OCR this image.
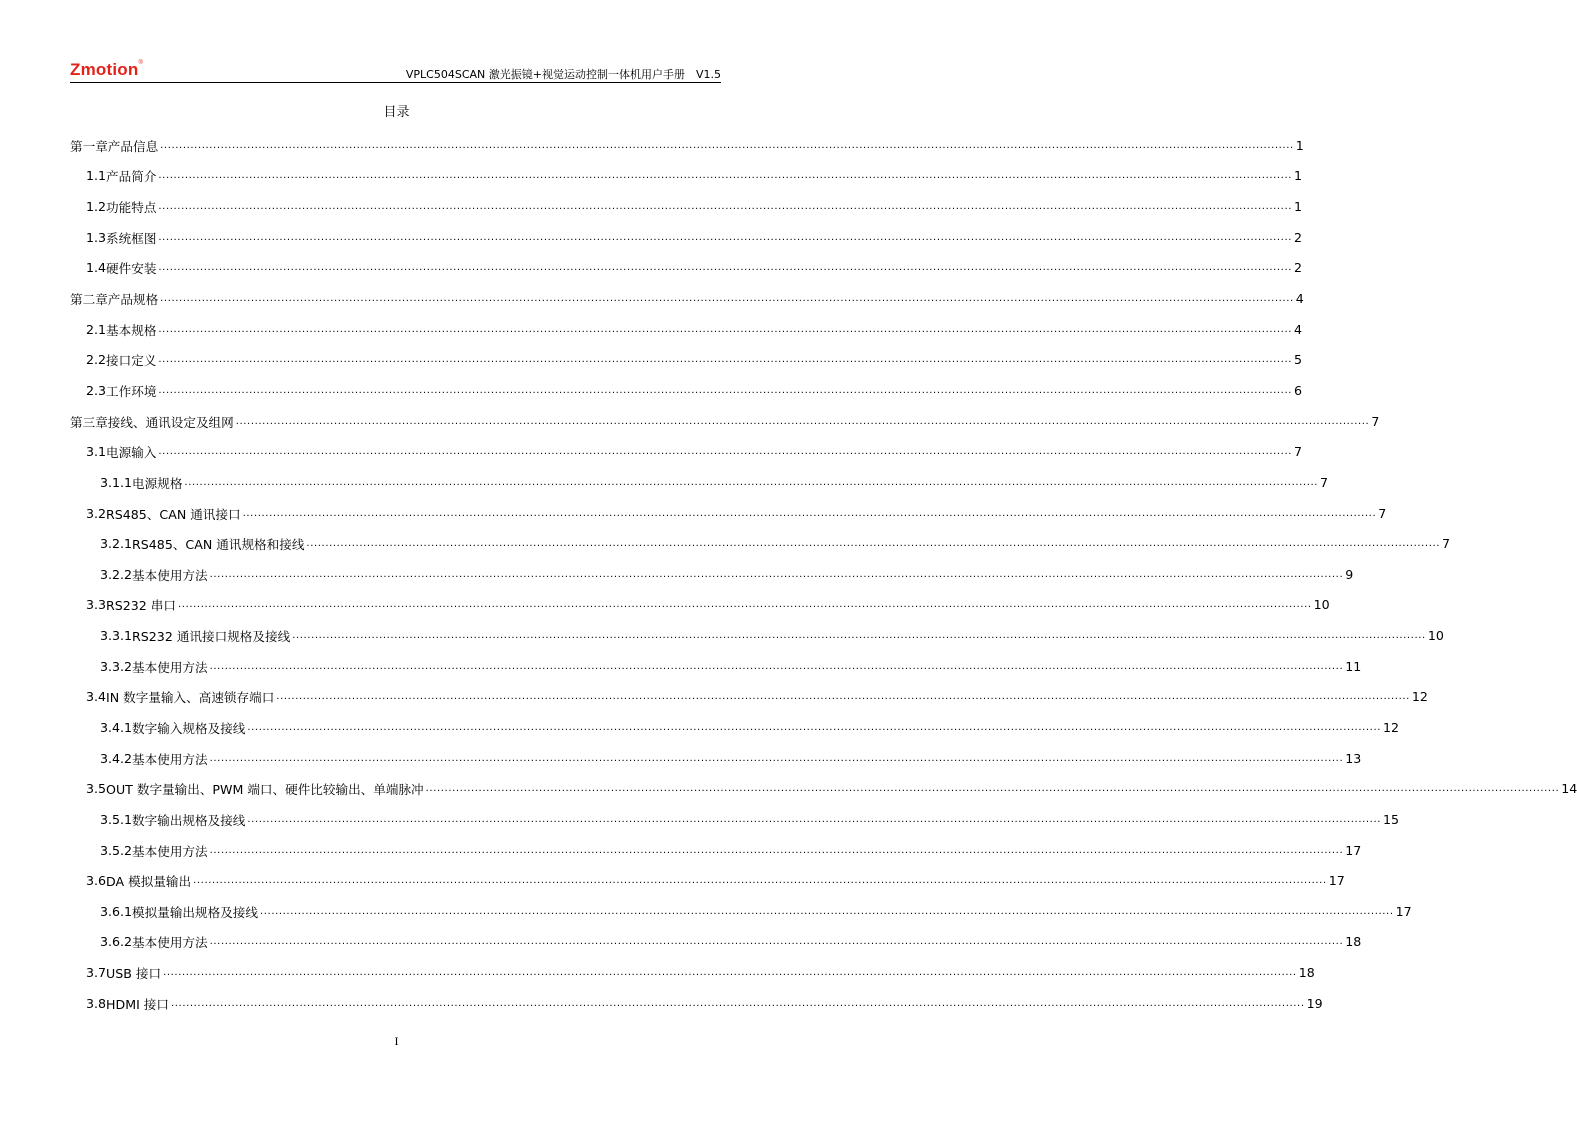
Zmotion®
VPLC504SCAN 激光振镜+视觉运动控制一体机用户手册　V1.5
目录
第一章 产品信息 ............................................................................................................................................................................................................................................................................................................ 1
1.1 产品简介 ............................................................................................................................................................................................................................................................................................................ 1
1.2 功能特点 ............................................................................................................................................................................................................................................................................................................ 1
1.3 系统框图 ............................................................................................................................................................................................................................................................................................................ 2
1.4 硬件安装 ............................................................................................................................................................................................................................................................................................................ 2
第二章 产品规格 ............................................................................................................................................................................................................................................................................................................ 4
2.1 基本规格 ............................................................................................................................................................................................................................................................................................................ 4
2.2 接口定义 ............................................................................................................................................................................................................................................................................................................ 5
2.3 工作环境 ............................................................................................................................................................................................................................................................................................................ 6
第三章 接线、通讯设定及组网 ............................................................................................................................................................................................................................................................................................................ 7
3.1 电源输入 ............................................................................................................................................................................................................................................................................................................ 7
3.1.1 电源规格 ............................................................................................................................................................................................................................................................................................................ 7
3.2 RS485、CAN 通讯接口 ............................................................................................................................................................................................................................................................................................................ 7
3.2.1 RS485、CAN 通讯规格和接线 ............................................................................................................................................................................................................................................................................................................ 7
3.2.2 基本使用方法 ............................................................................................................................................................................................................................................................................................................ 9
3.3 RS232 串口 ............................................................................................................................................................................................................................................................................................................ 10
3.3.1 RS232 通讯接口规格及接线 ............................................................................................................................................................................................................................................................................................................ 10
3.3.2 基本使用方法 ............................................................................................................................................................................................................................................................................................................ 11
3.4 IN 数字量输入、高速锁存端口 ............................................................................................................................................................................................................................................................................................................ 12
3.4.1 数字输入规格及接线 ............................................................................................................................................................................................................................................................................................................ 12
3.4.2 基本使用方法 ............................................................................................................................................................................................................................................................................................................ 13
3.5 OUT 数字量输出、PWM 端口、硬件比较输出、单端脉冲 ............................................................................................................................................................................................................................................................................................................ 14
3.5.1 数字输出规格及接线 ............................................................................................................................................................................................................................................................................................................ 15
3.5.2 基本使用方法 ............................................................................................................................................................................................................................................................................................................ 17
3.6 DA 模拟量输出 ............................................................................................................................................................................................................................................................................................................ 17
3.6.1 模拟量输出规格及接线 ............................................................................................................................................................................................................................................................................................................ 17
3.6.2 基本使用方法 ............................................................................................................................................................................................................................................................................................................ 18
3.7 USB 接口 ............................................................................................................................................................................................................................................................................................................ 18
3.8 HDMI 接口 ............................................................................................................................................................................................................................................................................................................ 19
I
